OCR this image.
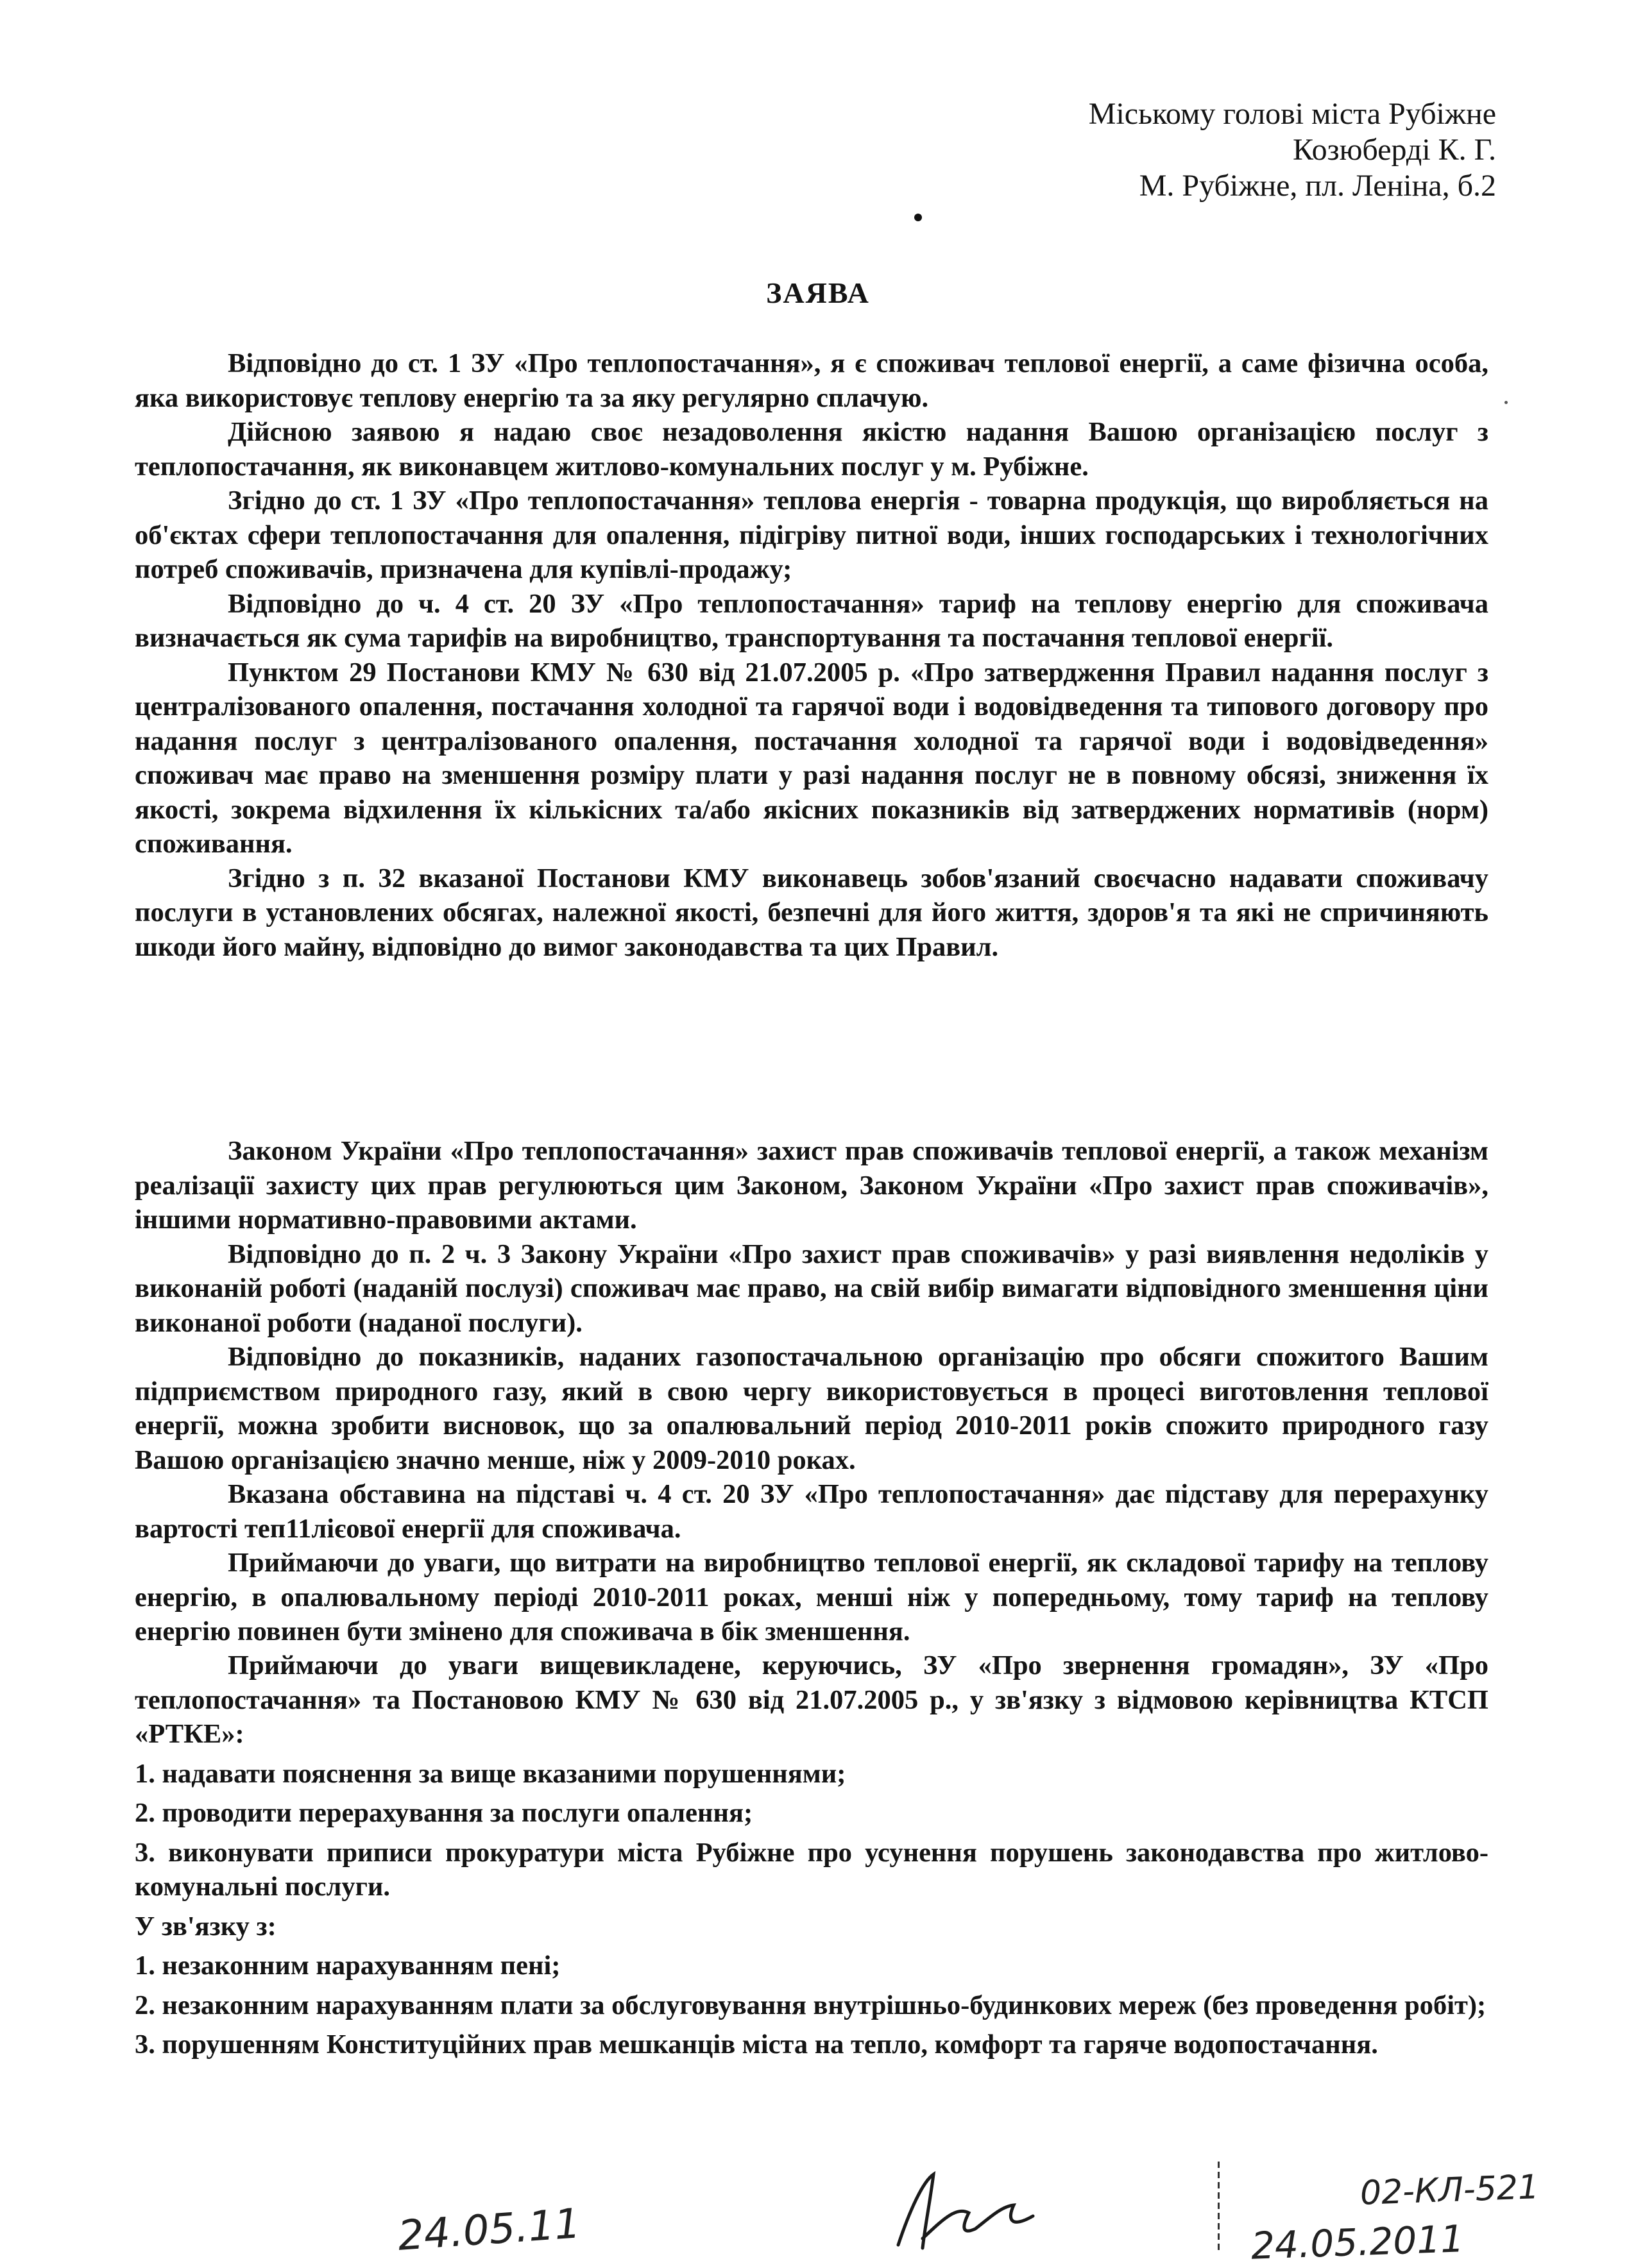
Міському голові міста Рубіжне
Козюберді К. Г.
М. Рубіжне, пл. Леніна, б.2
ЗАЯВА

Відповідно до ст. 1 ЗУ «Про теплопостачання», я є споживач теплової енергії, а саме фізична особа, яка використовує теплову енергію та за яку регулярно сплачую.

Дійсною заявою я надаю своє незадоволення якістю надання Вашою організацією послуг з теплопостачання, як виконавцем житлово-комунальних послуг у м. Рубіжне.

Згідно до ст. 1 ЗУ «Про теплопостачання» теплова енергія - товарна продукція, що виробляється на об'єктах сфери теплопостачання для опалення, підігріву питної води, інших господарських і технологічних потреб споживачів, призначена для купівлі-продажу;

Відповідно до ч. 4 ст. 20 ЗУ «Про теплопостачання» тариф на теплову енергію для споживача визначається як сума тарифів на виробництво, транспортування та постачання теплової енергії.

Пунктом 29 Постанови КМУ № 630 від 21.07.2005 р. «Про затвердження Правил надання послуг з централізованого опалення, постачання холодної та гарячої води і водовідведення та типового договору про надання послуг з централізованого опалення, постачання холодної та гарячої води і водовідведення» споживач має право на зменшення розміру плати у разі надання послуг не в повному обсязі, зниження їх якості, зокрема відхилення їх кількісних та/або якісних показників від затверджених нормативів (норм) споживання.

Згідно з п. 32 вказаної Постанови КМУ виконавець зобов'язаний своєчасно надавати споживачу послуги в установлених обсягах, належної якості, безпечні для його життя, здоров'я та які не спричиняють шкоди його майну, відповідно до вимог законодавства та цих Правил.

Законом України «Про теплопостачання» захист прав споживачів теплової енергії, а також механізм реалізації захисту цих прав регулюються цим Законом, Законом України «Про захист прав споживачів», іншими нормативно-правовими актами.

Відповідно до п. 2 ч. 3 Закону України «Про захист прав споживачів» у разі виявлення недоліків у виконаній роботі (наданій послузі) споживач має право, на свій вибір вимагати відповідного зменшення ціни виконаної роботи (наданої послуги).

Відповідно до показників, наданих газопостачальною організацію про обсяги спожитого Вашим підприємством природного газу, який в свою чергу використовується в процесі виготовлення теплової енергії, можна зробити висновок, що за опалювальний період 2010-2011 років спожито природного газу Вашою організацією значно менше, ніж у 2009-2010 роках.

Вказана обставина на підставі ч. 4 ст. 20 ЗУ «Про теплопостачання» дає підставу для перерахунку вартості теп11лієової енергії для споживача.

Приймаючи до уваги, що витрати на виробництво теплової енергії, як складової тарифу на теплову енергію, в опалювальному періоді 2010-2011 роках, менші ніж у попередньому, тому тариф на теплову енергію повинен бути змінено для споживача в бік зменшення.

Приймаючи до уваги вищевикладене, керуючись, ЗУ «Про звернення громадян», ЗУ «Про теплопостачання» та Постановою КМУ № 630 від 21.07.2005 р., у зв'язку з відмовою керівництва КТСП «РТКЕ»:

1. надавати пояснення за вище вказаними порушеннями;

2. проводити перерахування за послуги опалення;

3. виконувати приписи прокуратури міста Рубіжне про усунення порушень законодавства про житлово-комунальні послуги.

У зв'язку з:

1. незаконним нарахуванням пені;

2. незаконним нарахуванням плати за обслуговування внутрішньо-будинкових мереж (без проведення робіт);

3. порушенням Конституційних прав мешканців міста на тепло, комфорт та гаряче водопостачання.

24.05.11
02-КЛ-521
24.05.2011
